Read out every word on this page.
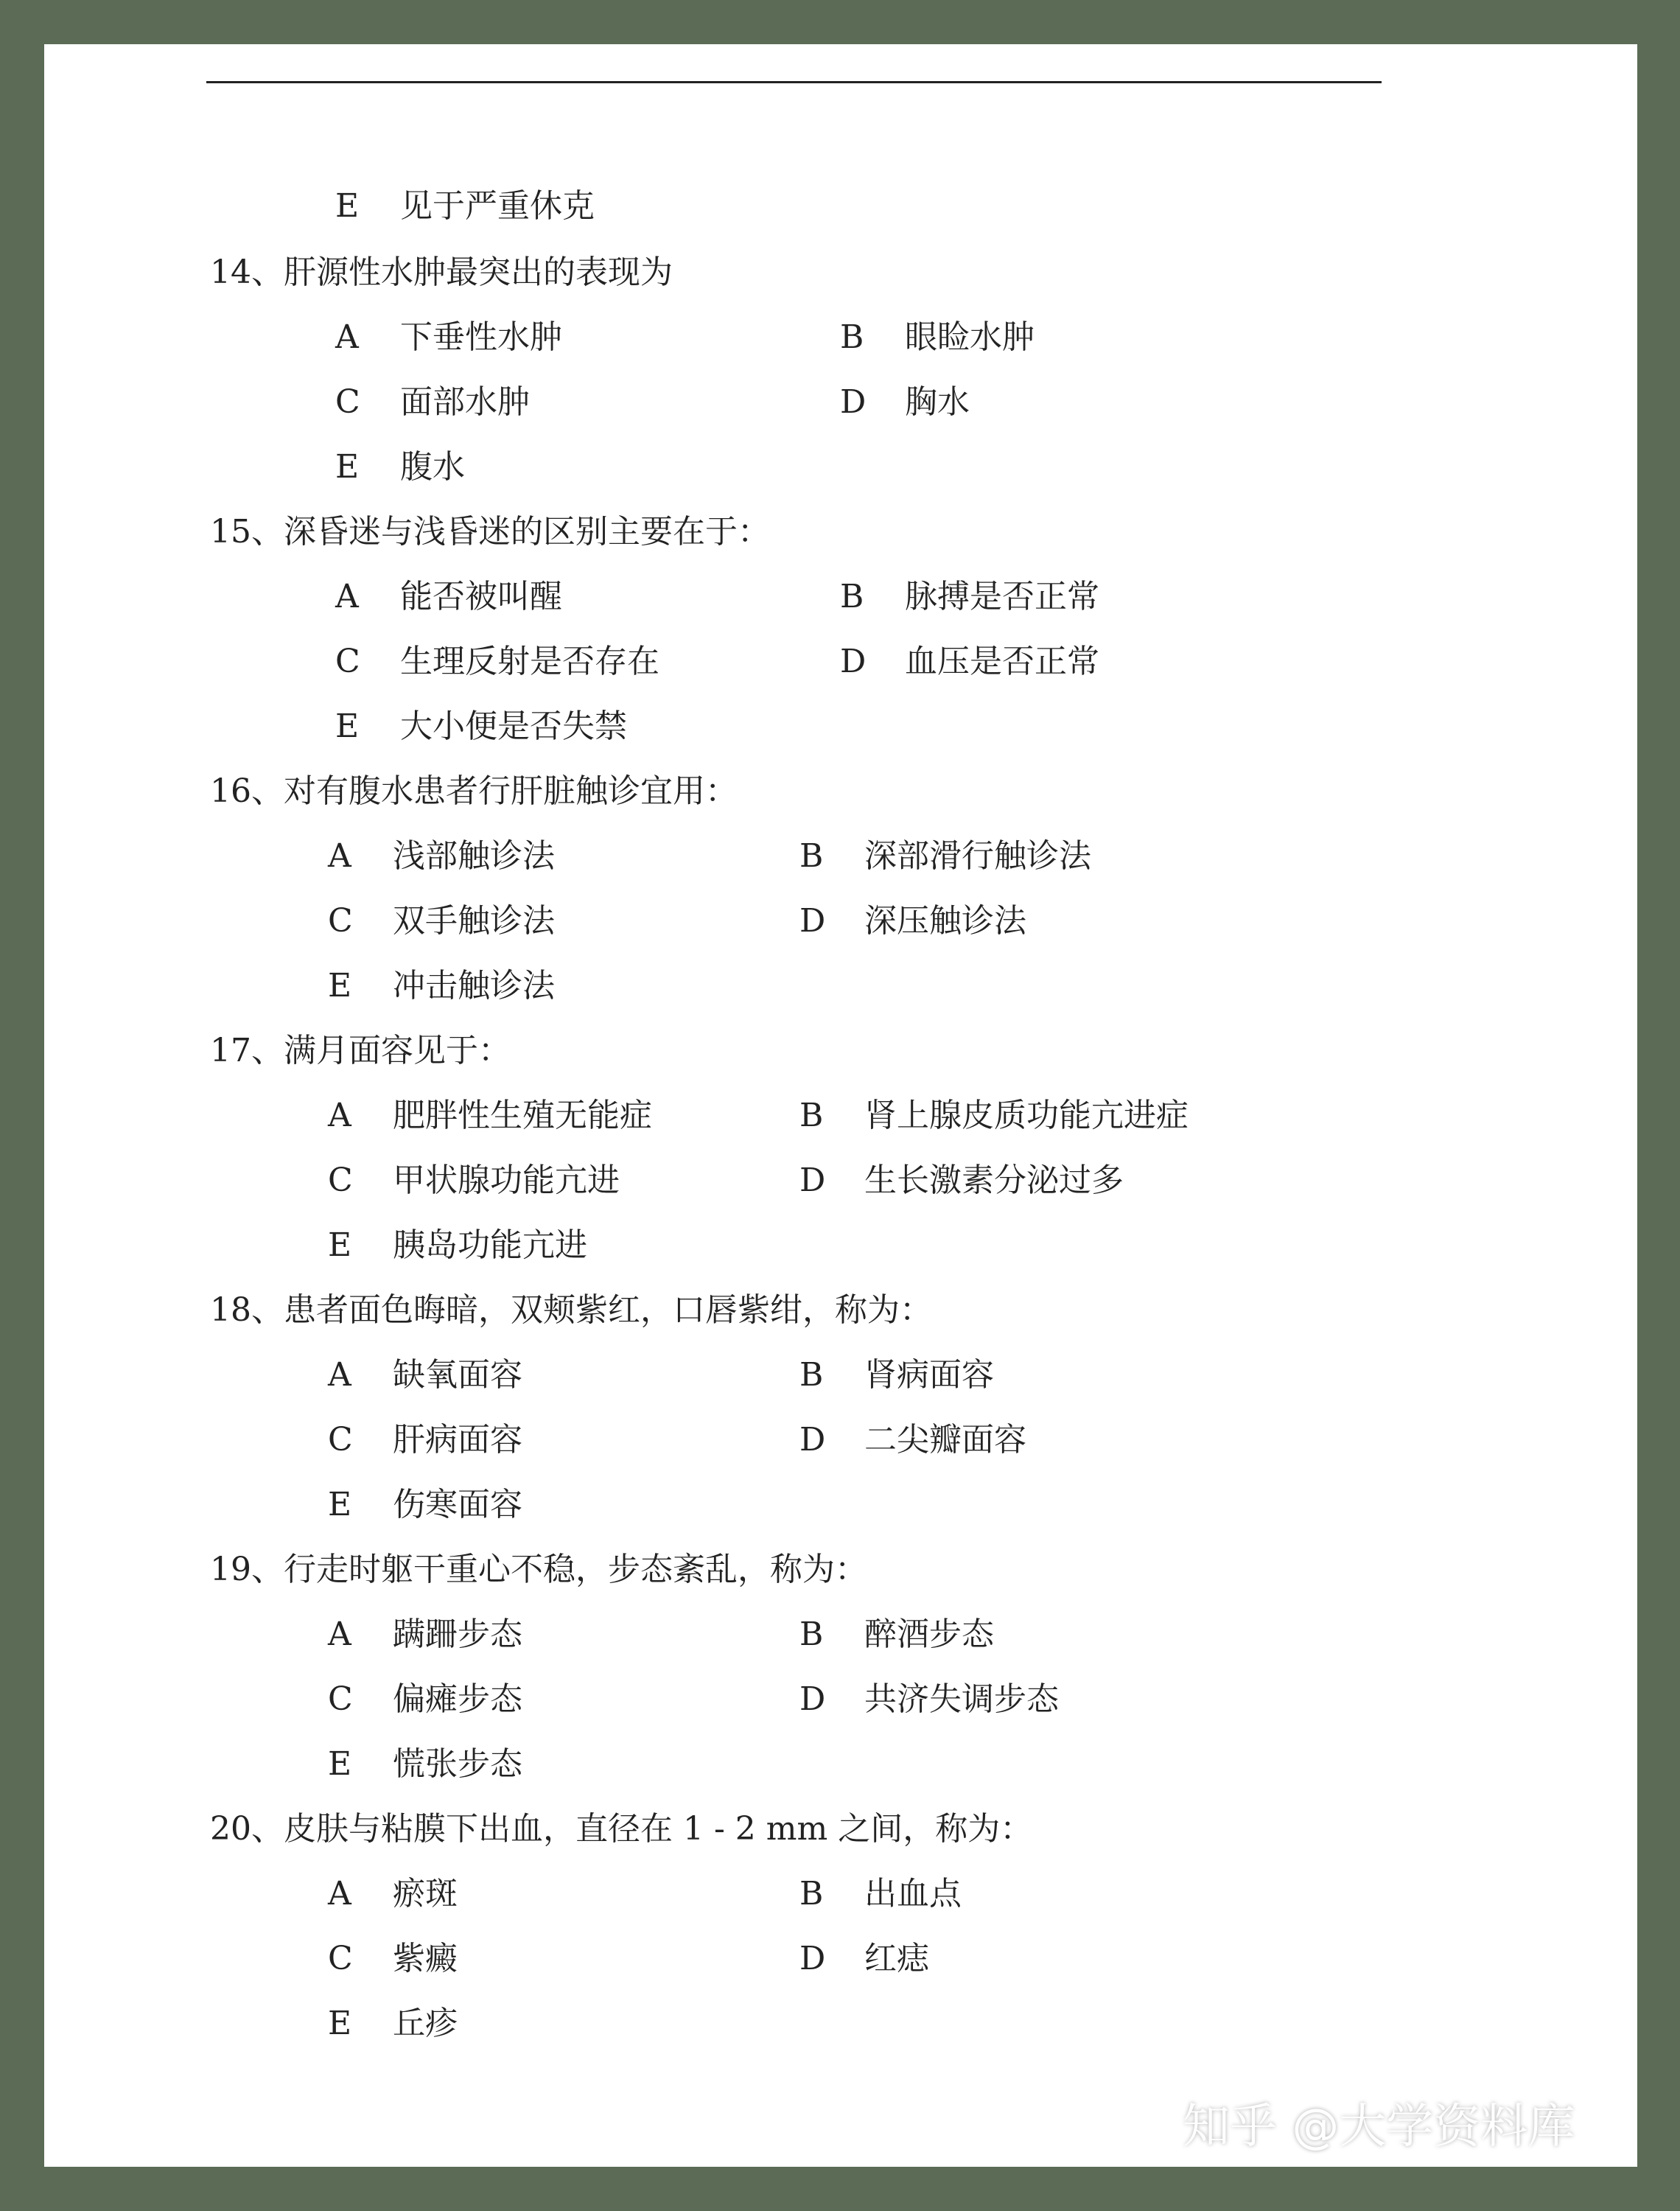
E 见于严重休克
14、肝源性水肿最突出的表现为
A 下垂性水肿	B 眼睑水肿
C 面部水肿	D 胸水
E 腹水
15、深昏迷与浅昏迷的区别主要在于：
A 能否被叫醒	B 脉搏是否正常
C 生理反射是否存在	D 血压是否正常
E 大小便是否失禁
16、对有腹水患者行肝脏触诊宜用：
A 浅部触诊法	B 深部滑行触诊法
C 双手触诊法	D 深压触诊法
E 冲击触诊法
17、满月面容见于：
A 肥胖性生殖无能症	B 肾上腺皮质功能亢进症
C 甲状腺功能亢进	D 生长激素分泌过多
E 胰岛功能亢进
18、患者面色晦暗，双颊紫红，口唇紫绀，称为：
A 缺氧面容	B 肾病面容
C 肝病面容	D 二尖瓣面容
E 伤寒面容
19、行走时躯干重心不稳，步态紊乱，称为：
A 蹒跚步态	B 醉酒步态
C 偏瘫步态	D 共济失调步态
E 慌张步态
20、皮肤与粘膜下出血，直径在 1 - 2 mm 之间，称为：
A 瘀斑	B 出血点
C 紫癜	D 红痣
E 丘疹
知乎 @大学资料库
